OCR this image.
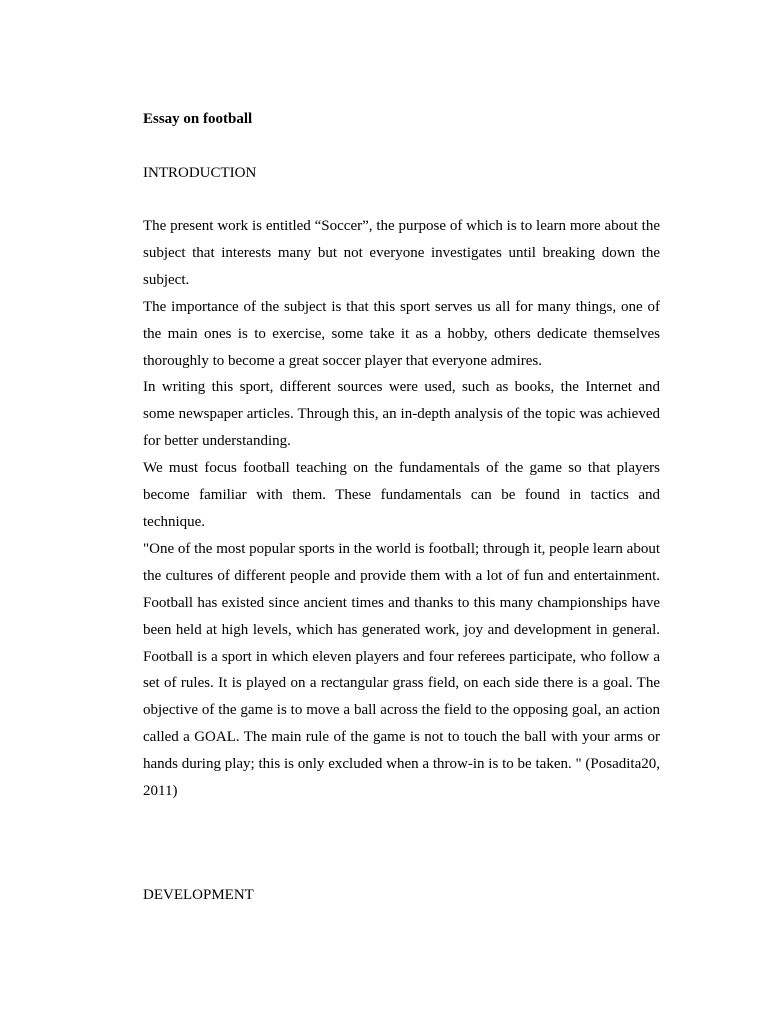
Essay on football
INTRODUCTION

The present work is entitled “Soccer”, the purpose of which is to learn more about the subject that interests many but not everyone investigates until breaking down the subject.

The importance of the subject is that this sport serves us all for many things, one of the main ones is to exercise, some take it as a hobby, others dedicate themselves thoroughly to become a great soccer player that everyone admires.

In writing this sport, different sources were used, such as books, the Internet and some newspaper articles. Through this, an in-depth analysis of the topic was achieved for better understanding.

We must focus football teaching on the fundamentals of the game so that players become familiar with them. These fundamentals can be found in tactics and technique.

"One of the most popular sports in the world is football; through it, people learn about the cultures of different people and provide them with a lot of fun and entertainment. Football has existed since ancient times and thanks to this many championships have been held at high levels, which has generated work, joy and development in general. Football is a sport in which eleven players and four referees participate, who follow a set of rules. It is played on a rectangular grass field, on each side there is a goal. The objective of the game is to move a ball across the field to the opposing goal, an action called a GOAL. The main rule of the game is not to touch the ball with your arms or hands during play; this is only excluded when a throw-in is to be taken. " (Posadita20, 2011)

DEVELOPMENT
